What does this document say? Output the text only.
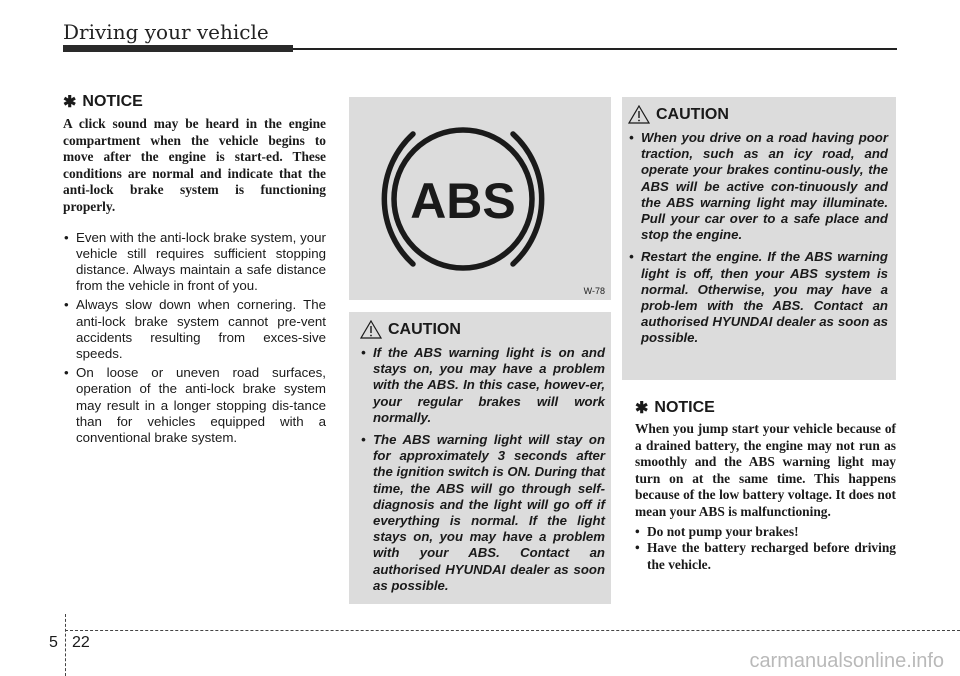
Driving your vehicle
✱ NOTICE
A click sound may be heard in the engine compartment when the vehicle begins to move after the engine is start-ed. These conditions are normal and indicate that the anti-lock brake system is functioning properly.
• Even with the anti-lock brake system, your vehicle still requires sufficient stopping distance. Always maintain a safe distance from the vehicle in front of you.
• Always slow down when cornering. The anti-lock brake system cannot pre-vent accidents resulting from exces-sive speeds.
• On loose or uneven road surfaces, operation of the anti-lock brake system may result in a longer stopping dis-tance than for vehicles equipped with a conventional brake system.
ABS
W-78
CAUTION
• If the ABS warning light is on and stays on, you may have a problem with the ABS. In this case, howev-er, your regular brakes will work normally.
• The ABS warning light will stay on for approximately 3 seconds after the ignition switch is ON. During that time, the ABS will go through self-diagnosis and the light will go off if everything is normal. If the light stays on, you may have a problem with your ABS. Contact an authorised HYUNDAI dealer as soon as possible.
CAUTION
• When you drive on a road having poor traction, such as an icy road, and operate your brakes continu-ously, the ABS will be active con-tinuously and the ABS warning light may illuminate. Pull your car over to a safe place and stop the engine.
• Restart the engine. If the ABS warning light is off, then your ABS system is normal. Otherwise, you may have a prob-lem with the ABS. Contact an authorised HYUNDAI dealer as soon as possible.
✱ NOTICE
When you jump start your vehicle because of a drained battery, the engine may not run as smoothly and the ABS warning light may turn on at the same time. This happens because of the low battery voltage. It does not mean your ABS is malfunctioning.
• Do not pump your brakes!
• Have the battery recharged before driving the vehicle.
5 22
carmanualsonline.info
